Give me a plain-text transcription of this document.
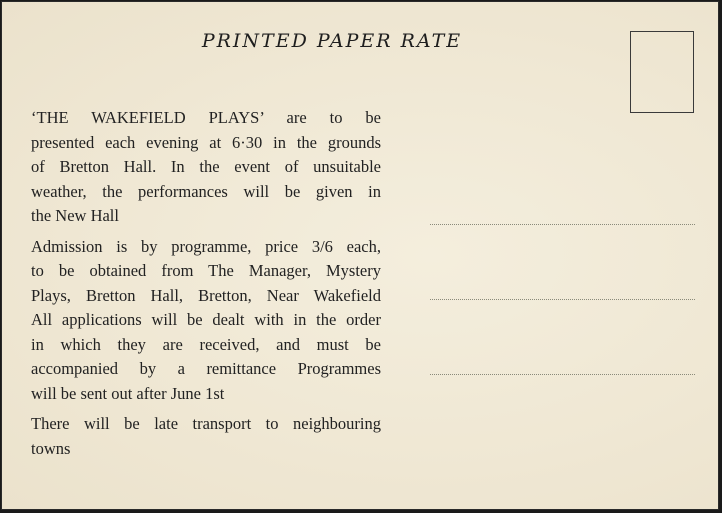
PRINTED PAPER RATE
‘THE WAKEFIELD PLAYS’ are to be
presented each evening at 6·30 in the grounds
of Bretton Hall. In the event of unsuitable
weather, the performances will be given in
the New Hall
Admission is by programme, price 3/6 each,
to be obtained from The Manager, Mystery
Plays, Bretton Hall, Bretton, Near Wakefield
All applications will be dealt with in the order
in which they are received, and must be
accompanied by a remittance Programmes
will be sent out after June 1st
There will be late transport to neighbouring
towns
